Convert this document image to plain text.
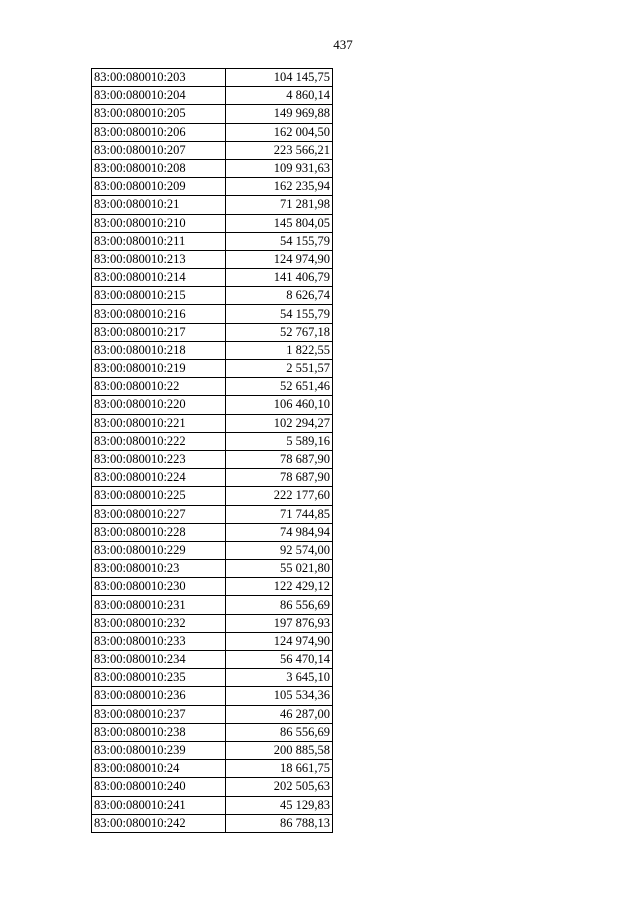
437
83:00:080010:203	104 145,75
83:00:080010:204	4 860,14
83:00:080010:205	149 969,88
83:00:080010:206	162 004,50
83:00:080010:207	223 566,21
83:00:080010:208	109 931,63
83:00:080010:209	162 235,94
83:00:080010:21	71 281,98
83:00:080010:210	145 804,05
83:00:080010:211	54 155,79
83:00:080010:213	124 974,90
83:00:080010:214	141 406,79
83:00:080010:215	8 626,74
83:00:080010:216	54 155,79
83:00:080010:217	52 767,18
83:00:080010:218	1 822,55
83:00:080010:219	2 551,57
83:00:080010:22	52 651,46
83:00:080010:220	106 460,10
83:00:080010:221	102 294,27
83:00:080010:222	5 589,16
83:00:080010:223	78 687,90
83:00:080010:224	78 687,90
83:00:080010:225	222 177,60
83:00:080010:227	71 744,85
83:00:080010:228	74 984,94
83:00:080010:229	92 574,00
83:00:080010:23	55 021,80
83:00:080010:230	122 429,12
83:00:080010:231	86 556,69
83:00:080010:232	197 876,93
83:00:080010:233	124 974,90
83:00:080010:234	56 470,14
83:00:080010:235	3 645,10
83:00:080010:236	105 534,36
83:00:080010:237	46 287,00
83:00:080010:238	86 556,69
83:00:080010:239	200 885,58
83:00:080010:24	18 661,75
83:00:080010:240	202 505,63
83:00:080010:241	45 129,83
83:00:080010:242	86 788,13
